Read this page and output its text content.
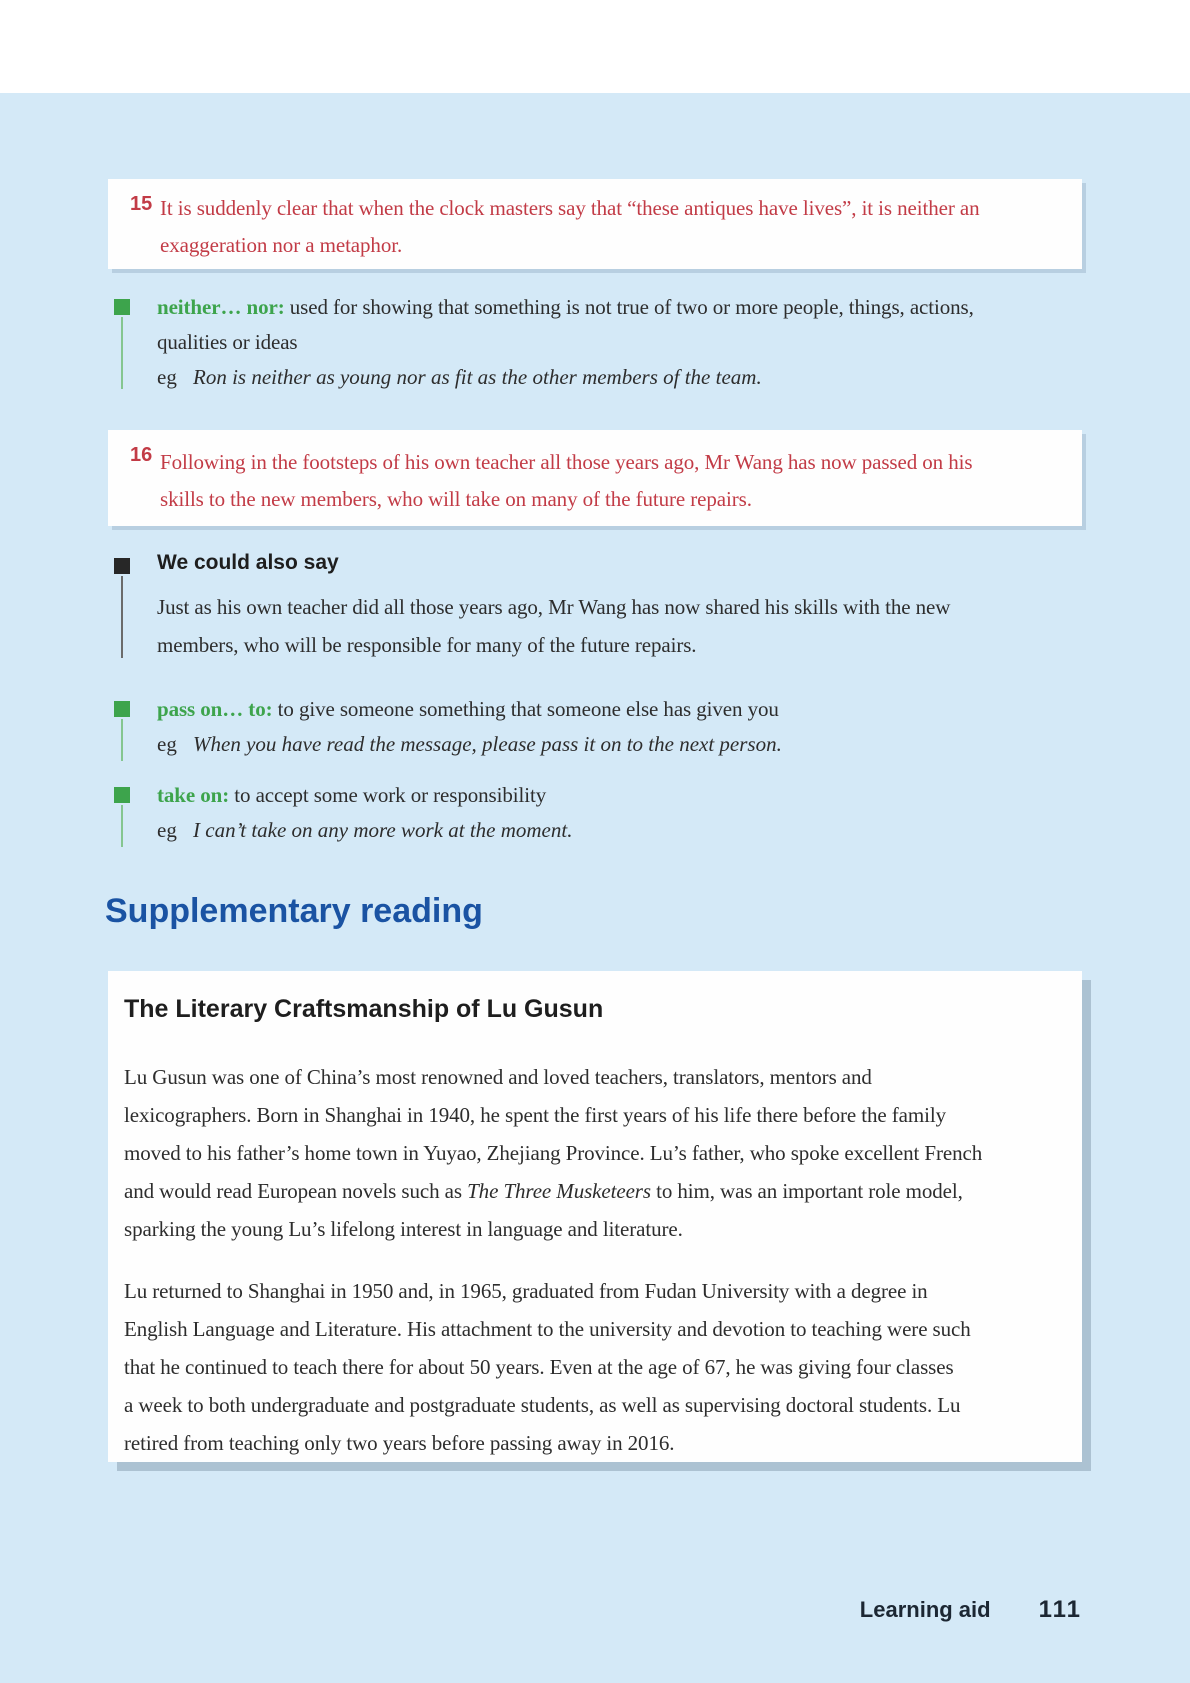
15 It is suddenly clear that when the clock masters say that “these antiques have lives”, it is neither an
exaggeration nor a metaphor.
neither… nor: used for showing that something is not true of two or more people, things, actions,
qualities or ideas
eg Ron is neither as young nor as fit as the other members of the team.
16 Following in the footsteps of his own teacher all those years ago, Mr Wang has now passed on his
skills to the new members, who will take on many of the future repairs.
We could also say
Just as his own teacher did all those years ago, Mr Wang has now shared his skills with the new
members, who will be responsible for many of the future repairs.
pass on… to: to give someone something that someone else has given you
eg When you have read the message, please pass it on to the next person.
take on: to accept some work or responsibility
eg I can’t take on any more work at the moment.
Supplementary reading
The Literary Craftsmanship of Lu Gusun
Lu Gusun was one of China’s most renowned and loved teachers, translators, mentors and
lexicographers. Born in Shanghai in 1940, he spent the first years of his life there before the family
moved to his father’s home town in Yuyao, Zhejiang Province. Lu’s father, who spoke excellent French
and would read European novels such as The Three Musketeers to him, was an important role model,
sparking the young Lu’s lifelong interest in language and literature.
Lu returned to Shanghai in 1950 and, in 1965, graduated from Fudan University with a degree in
English Language and Literature. His attachment to the university and devotion to teaching were such
that he continued to teach there for about 50 years. Even at the age of 67, he was giving four classes
a week to both undergraduate and postgraduate students, as well as supervising doctoral students. Lu
retired from teaching only two years before passing away in 2016.
Learning aid 111
